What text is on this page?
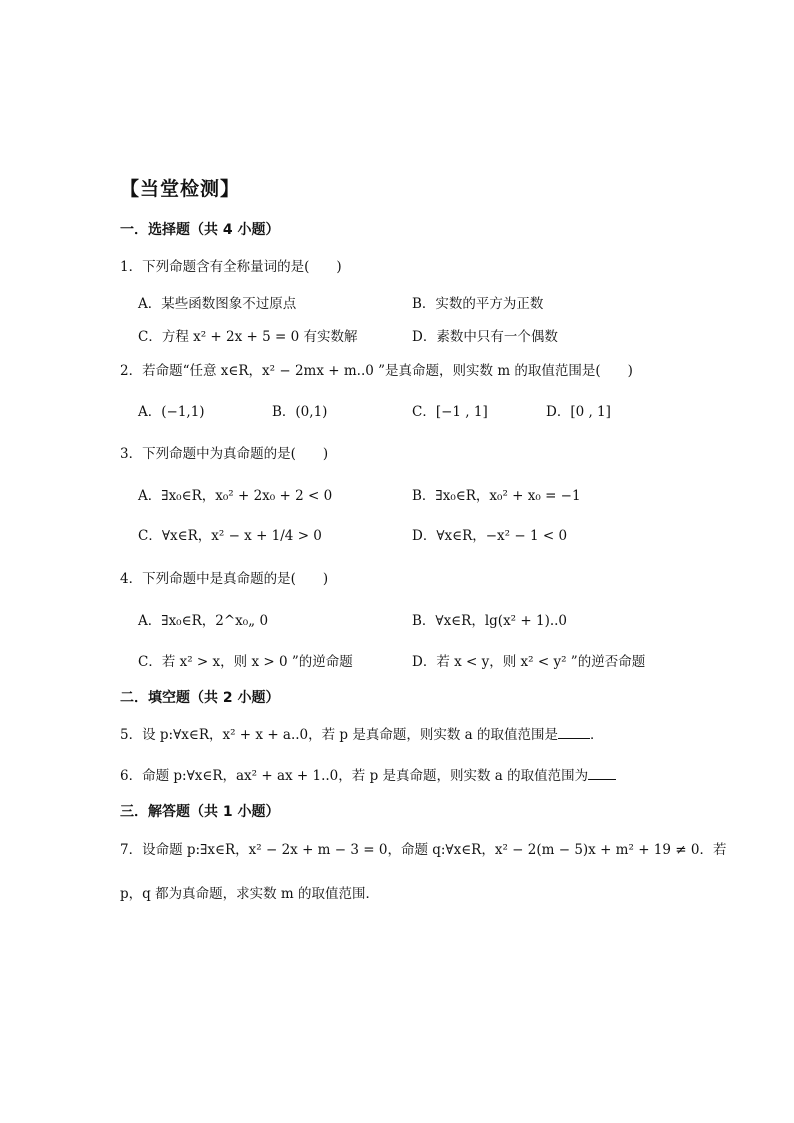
【当堂检测】
一．选择题（共 4 小题）
1．下列命题含有全称量词的是(　　)
A．某些函数图象不过原点	B．实数的平方为正数
C．方程 x² + 2x + 5 = 0 有实数解	D．素数中只有一个偶数
2．若命题“任意 x∈R，x² − 2mx + m..0 ”是真命题，则实数 m 的取值范围是(　　)
A．(−1,1)	B．(0,1)	C．[−1 , 1]	D．[0 , 1]
3．下列命题中为真命题的是(　　)
A．∃x₀∈R，x₀² + 2x₀ + 2 < 0	B．∃x₀∈R，x₀² + x₀ = −1
C．∀x∈R，x² − x + 1/4 > 0	D．∀x∈R，−x² − 1 < 0
4．下列命题中是真命题的是(　　)
A．∃x₀∈R，2^x₀„ 0	B．∀x∈R，lg(x² + 1)..0
C．若 x² > x，则 x > 0 ”的逆命题	D．若 x < y，则 x² < y² ”的逆否命题
二．填空题（共 2 小题）
5．设 p:∀x∈R，x² + x + a..0，若 p 是真命题，则实数 a 的取值范围是 ．
6．命题 p:∀x∈R，ax² + ax + 1..0，若 p 是真命题，则实数 a 的取值范围为
三．解答题（共 1 小题）
7．设命题 p:∃x∈R，x² − 2x + m − 3 = 0，命题 q:∀x∈R，x² − 2(m − 5)x + m² + 19 ≠ 0．若
p，q 都为真命题，求实数 m 的取值范围．
